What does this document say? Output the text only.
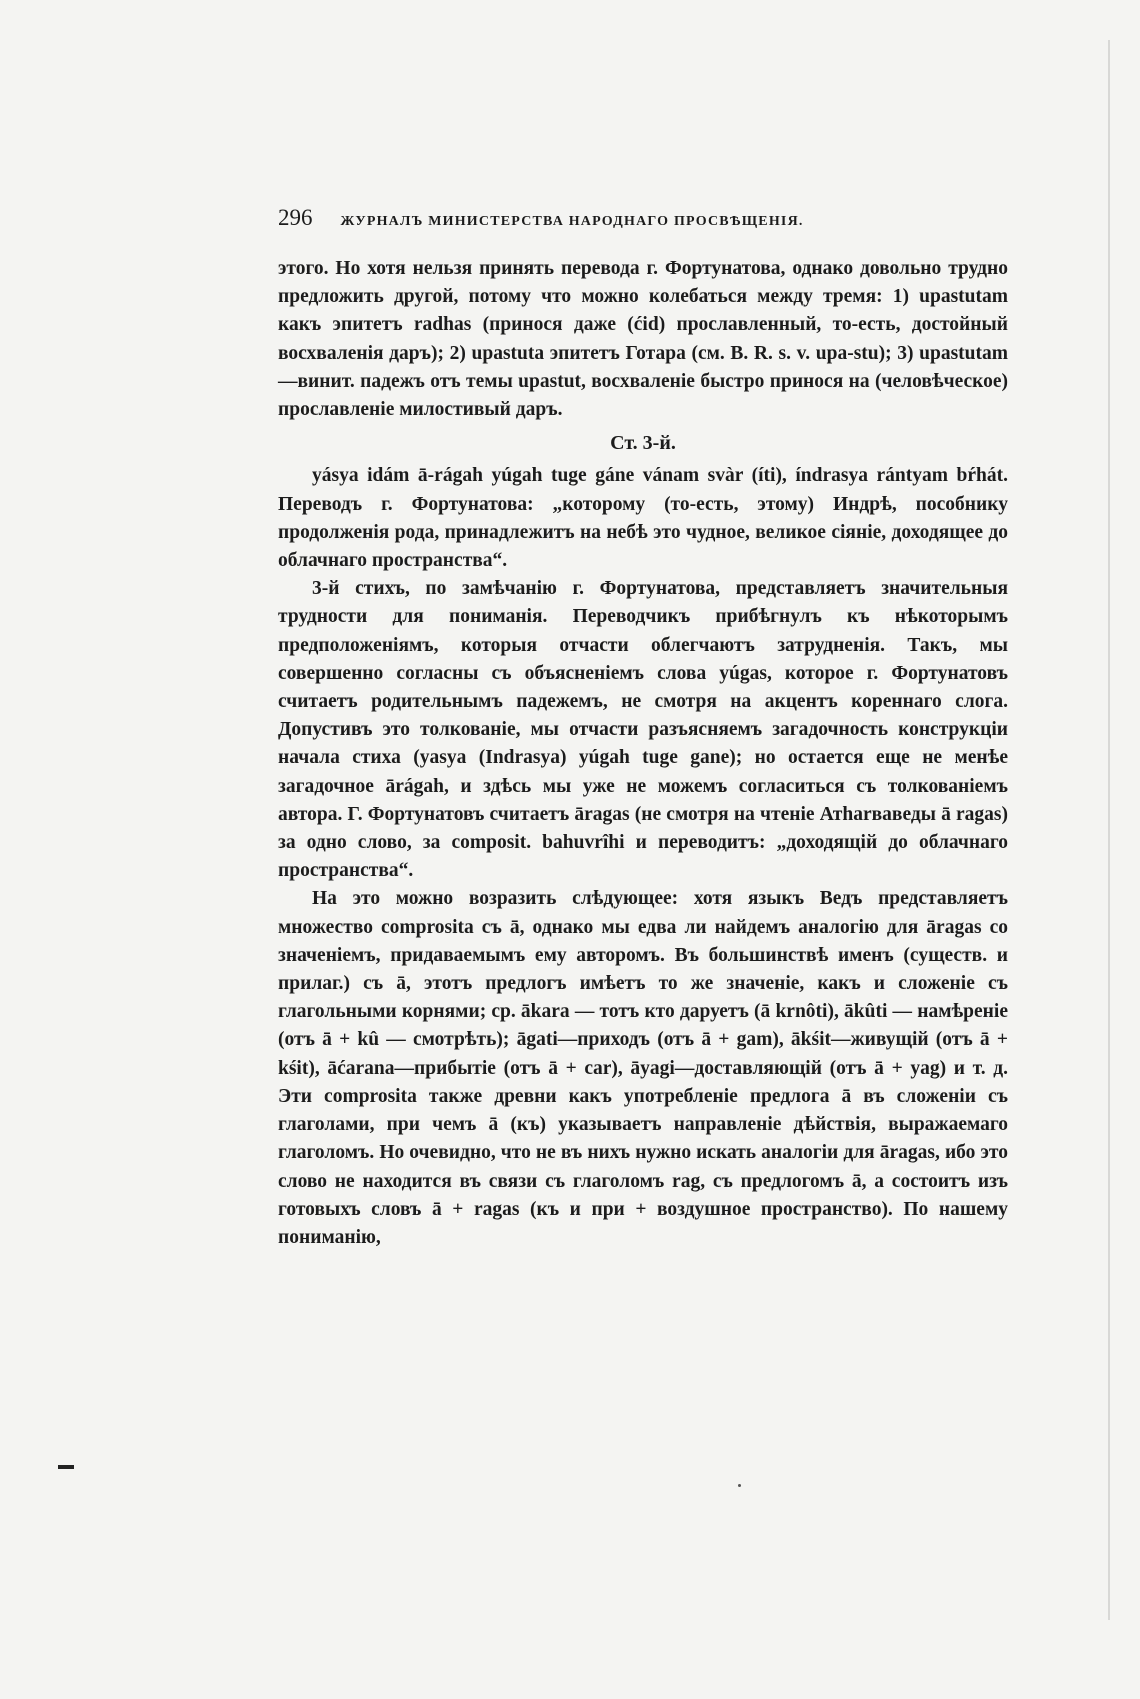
296 ЖУРНАЛЪ МИНИСТЕРСТВА НАРОДНАГО ПРОСВѢЩЕНІЯ.

этого. Но хотя нельзя принять перевода г. Фортунатова, однако довольно трудно предложить другой, потому что можно колебаться между тремя: 1) upastutam какъ эпитетъ radhas (принося даже (ćid) прославленный, то-есть, достойный восхваленія даръ); 2) upastuta эпитетъ Готара (см. B. R. s. v. upa-stu); 3) upastutam—винит. падежъ отъ темы upastut, восхваленіе быстро принося на (человѣческое) прославленіе милостивый даръ.

Ст. 3-й.

yásya idám ā-rágah yúgah tuge gáne vánam svàr (íti), índrasya rántyam bŕhát. Переводъ г. Фортунатова: „которому (то-есть, этому) Индрѣ, пособнику продолженія рода, принадлежитъ на небѣ это чудное, великое сіяніе, доходящее до облачнаго пространства“.

3-й стихъ, по замѣчанію г. Фортунатова, представляетъ значительныя трудности для пониманія. Переводчикъ прибѣгнулъ къ нѣкоторымъ предположеніямъ, которыя отчасти облегчаютъ затрудненія. Такъ, мы совершенно согласны съ объясненіемъ слова yúgas, которое г. Фортунатовъ считаетъ родительнымъ падежемъ, не смотря на акцентъ кореннаго слога. Допустивъ это толкованіе, мы отчасти разъясняемъ загадочность конструкціи начала стиха (yasya (Indrasya) yúgah tuge gane); но остается еще не менѣе загадочное ārágah, и здѣсь мы уже не можемъ согласиться съ толкованіемъ автора. Г. Фортунатовъ считаетъ āragas (не смотря на чтеніе Атharваведы ā ragas) за одно слово, за composit. bahuvrîhi и переводитъ: „доходящій до облачнаго пространства“.

На это можно возразить слѣдующее: хотя языкъ Ведъ представляетъ множество comprosita съ ā, однако мы едва ли найдемъ аналогію для āragas со значеніемъ, придаваемымъ ему авторомъ. Въ большинствѣ именъ (существ. и прилаг.) съ ā, этотъ предлогъ имѣетъ то же значеніе, какъ и сложеніе съ глагольными корнями; ср. ākara — тотъ кто даруетъ (ā krnôti), ākûti — намѣреніе (отъ ā + kû — смотрѣть); āgati—приходъ (отъ ā + gam), ākśit—живущій (отъ ā + kśit), āćarana—прибытіе (отъ ā + car), āyagi—доставляющій (отъ ā + yag) и т. д. Эти comprosita также древни какъ употребленіе предлога ā въ сложеніи съ глаголами, при чемъ ā (къ) указываетъ направленіе дѣйствія, выражаемаго глаголомъ. Но очевидно, что не въ нихъ нужно искать аналогіи для āragas, ибо это слово не находится въ связи съ глаголомъ rag, съ предлогомъ ā, а состоитъ изъ готовыхъ словъ ā + ragas (къ и при + воздушное пространство). По нашему пониманію,
